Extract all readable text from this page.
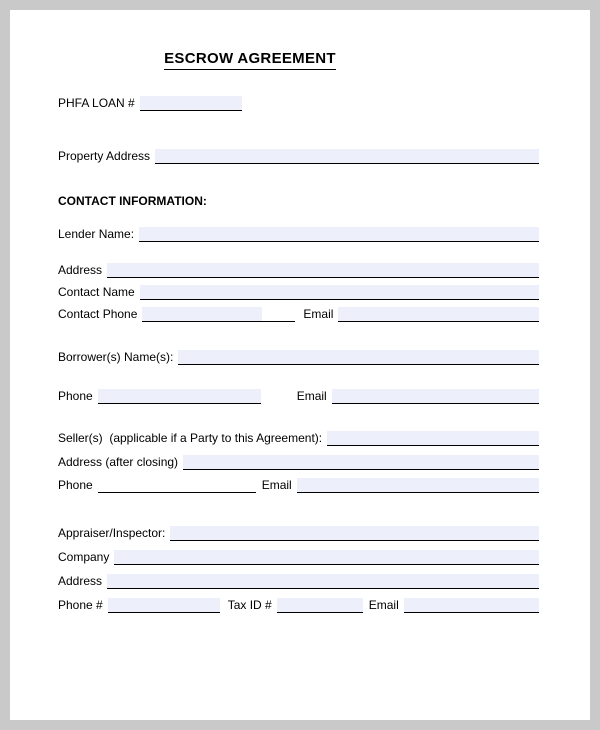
ESCROW AGREEMENT
PHFA LOAN #
Property Address
CONTACT INFORMATION:
Lender Name:
Address
Contact Name
Contact Phone	Email
Borrower(s) Name(s):
Phone	Email
Seller(s)  (applicable if a Party to this Agreement):
Address (after closing)
Phone	Email
Appraiser/Inspector:
Company
Address
Phone #	Tax ID #	Email
